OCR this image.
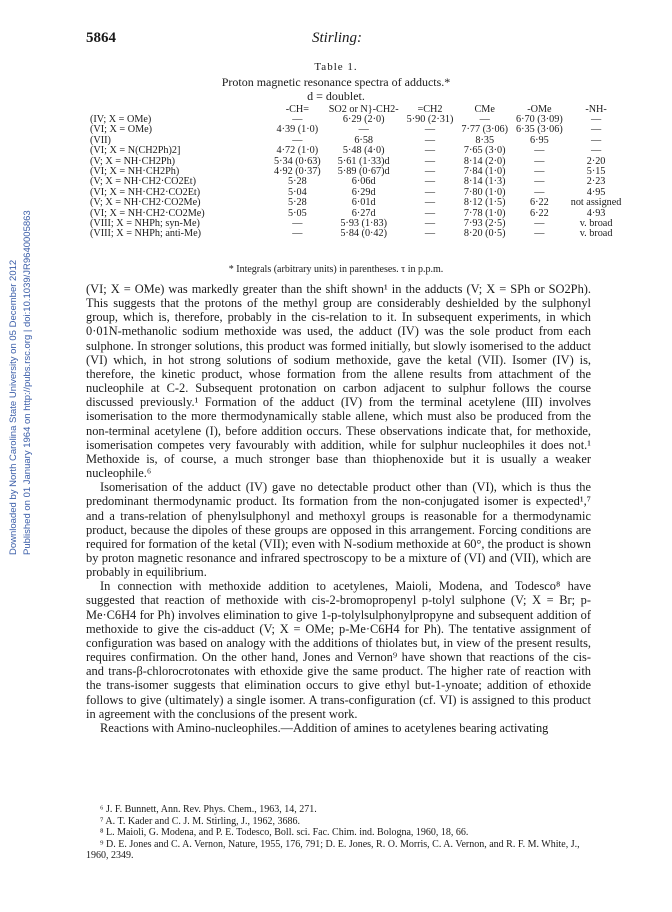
Downloaded by North Carolina State University on 05 December 2012 Published on 01 January 1964 on http://pubs.rsc.org | doi:10.1039/JR9640005863
5864	Stirling:
Table 1.
Proton magnetic resonance spectra of adducts.*
d = doublet.
	-CH=	SO2 or N}-CH2-	=CH2	CMe	-OMe	-NH-
(IV; X = OMe)	—	6·29 (2·0)	5·90 (2·31)	—	6·70 (3·09)	—
(VI; X = OMe)	4·39 (1·0)	—	—	7·77 (3·06)	6·35 (3·06)	—
(VII)	—	6·58	—	8·35	6·95	—
(VI; X = N(CH2Ph)2]	4·72 (1·0)	5·48 (4·0)	—	7·65 (3·0)	—	—
(V; X = NH·CH2Ph)	5·34 (0·63)	5·61 (1·33)d	—	8·14 (2·0)	—	2·20
(VI; X = NH·CH2Ph)	4·92 (0·37)	5·89 (0·67)d	—	7·84 (1·0)	—	5·15
(V; X = NH·CH2·CO2Et)	5·28	6·06d	—	8·14 (1·3)	—	2·23
(VI; X = NH·CH2·CO2Et)	5·04	6·29d	—	7·80 (1·0)	—	4·95
(V; X = NH·CH2·CO2Me)	5·28	6·01d	—	8·12 (1·5)	6·22	not assigned
(VI; X = NH·CH2·CO2Me)	5·05	6·27d	—	7·78 (1·0)	6·22	4·93
(VIII; X = NHPh; syn-Me)	—	5·93 (1·83)	—	7·93 (2·5)	—	v. broad
(VIII; X = NHPh; anti-Me)	—	5·84 (0·42)	—	8·20 (0·5)	—	v. broad
* Integrals (arbitrary units) in parentheses. τ in p.p.m.

(VI; X = OMe) was markedly greater than the shift shown¹ in the adducts (V; X = SPh or SO2Ph). This suggests that the protons of the methyl group are considerably deshielded by the sulphonyl group, which is, therefore, probably in the cis-relation to it. In subsequent experiments, in which 0·01N-methanolic sodium methoxide was used, the adduct (IV) was the sole product from each sulphone. In stronger solutions, this product was formed initially, but slowly isomerised to the adduct (VI) which, in hot strong solutions of sodium methoxide, gave the ketal (VII). Isomer (IV) is, therefore, the kinetic product, whose formation from the allene results from attachment of the nucleophile at C-2. Subsequent protonation on carbon adjacent to sulphur follows the course discussed previously.¹ Formation of the adduct (IV) from the terminal acetylene (III) involves isomerisation to the more thermodynamically stable allene, which must also be produced from the non-terminal acetylene (I), before addition occurs. These observations indicate that, for methoxide, isomerisation competes very favourably with addition, while for sulphur nucleophiles it does not.¹ Methoxide is, of course, a much stronger base than thiophenoxide but it is usually a weaker nucleophile.⁶

Isomerisation of the adduct (IV) gave no detectable product other than (VI), which is thus the predominant thermodynamic product. Its formation from the non-conjugated isomer is expected¹,⁷ and a trans-relation of phenylsulphonyl and methoxyl groups is reasonable for a thermodynamic product, because the dipoles of these groups are opposed in this arrangement. Forcing conditions are required for formation of the ketal (VII); even with N-sodium methoxide at 60°, the product is shown by proton magnetic resonance and infrared spectroscopy to be a mixture of (VI) and (VII), which are probably in equilibrium.

In connection with methoxide addition to acetylenes, Maioli, Modena, and Todesco⁸ have suggested that reaction of methoxide with cis-2-bromopropenyl p-tolyl sulphone (V; X = Br; p-Me·C6H4 for Ph) involves elimination to give 1-p-tolylsulphonylpropyne and subsequent addition of methoxide to give the cis-adduct (V; X = OMe; p-Me·C6H4 for Ph). The tentative assignment of configuration was based on analogy with the additions of thiolates but, in view of the present results, requires confirmation. On the other hand, Jones and Vernon⁹ have shown that reactions of the cis- and trans-β-chlorocrotonates with ethoxide give the same product. The higher rate of reaction with the trans-isomer suggests that elimination occurs to give ethyl but-1-ynoate; addition of ethoxide follows to give (ultimately) a single isomer. A trans-configuration (cf. VI) is assigned to this product in agreement with the conclusions of the present work.

Reactions with Amino-nucleophiles.—Addition of amines to acetylenes bearing activating

⁶ J. F. Bunnett, Ann. Rev. Phys. Chem., 1963, 14, 271.
⁷ A. T. Kader and C. J. M. Stirling, J., 1962, 3686.
⁸ L. Maioli, G. Modena, and P. E. Todesco, Boll. sci. Fac. Chim. ind. Bologna, 1960, 18, 66.
⁹ D. E. Jones and C. A. Vernon, Nature, 1955, 176, 791; D. E. Jones, R. O. Morris, C. A. Vernon, and R. F. M. White, J., 1960, 2349.
